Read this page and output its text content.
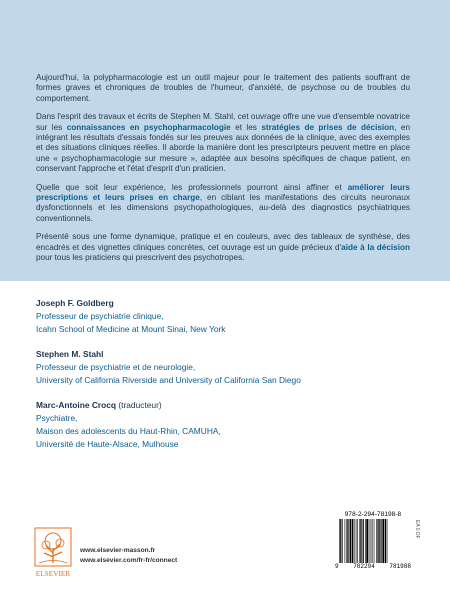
Aujourd'hui, la polypharmacologie est un outil majeur pour le traitement des patients souffrant de formes graves et chroniques de troubles de l'humeur, d'anxiété, de psychose ou de troubles du comportement.

Dans l'esprit des travaux et écrits de Stephen M. Stahl, cet ouvrage offre une vue d'ensemble novatrice sur les connaissances en psychopharmacologie et les stratégies de prises de décision, en intégrant les résultats d'essais fondés sur les preuves aux données de la clinique, avec des exemples et des situations cliniques réelles. Il aborde la manière dont les prescripteurs peuvent mettre en place une « psychopharmacologie sur mesure », adaptée aux besoins spécifiques de chaque patient, en conservant l'approche et l'état d'esprit d'un praticien.

Quelle que soit leur expérience, les professionnels pourront ainsi affiner et améliorer leurs prescriptions et leurs prises en charge, en ciblant les manifestations des circuits neuronaux dysfonctionnels et les dimensions psychopathologiques, au-delà des diagnostics psychiatriques conventionnels.

Présenté sous une forme dynamique, pratique et en couleurs, avec des tableaux de synthèse, des encadrés et des vignettes cliniques concrètes, cet ouvrage est un guide précieux d'aide à la décision pour tous les praticiens qui prescrivent des psychotropes.

Joseph F. Goldberg
Professeur de psychiatrie clinique,
Icahn School of Medicine at Mount Sinai, New York
Stephen M. Stahl
Professeur de psychiatrie et de neurologie,
University of California Riverside and University of California San Diego
Marc-Antoine Crocq (traducteur)
Psychiatre,
Maison des adolescents du Haut-Rhin, CAMUHA,
Université de Haute-Alsace, Mulhouse
ELSEVIER
www.elsevier-masson.fr
www.elsevier.com/fr-fr/connect
978-2-294-78198-8
9 782294 781988
EA 0 DF
